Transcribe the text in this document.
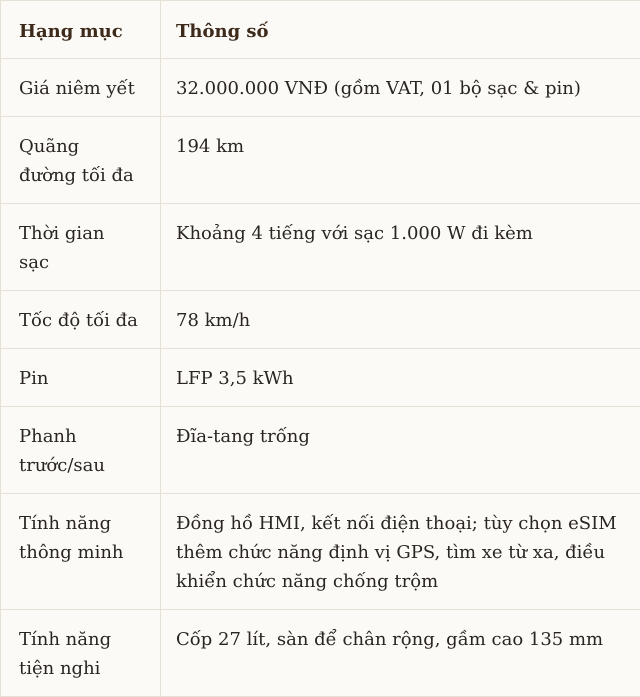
Hạng mục	Thông số
Giá niêm yết	32.000.000 VNĐ (gồm VAT, 01 bộ sạc & pin)
Quãng đường tối đa	194 km
Thời gian sạc	Khoảng 4 tiếng với sạc 1.000 W đi kèm
Tốc độ tối đa	78 km/h
Pin	LFP 3,5 kWh
Phanh trước/sau	Đĩa-tang trống
Tính năng thông minh	Đồng hồ HMI, kết nối điện thoại; tùy chọn eSIM thêm chức năng định vị GPS, tìm xe từ xa, điều khiển chức năng chống trộm
Tính năng tiện nghi	Cốp 27 lít, sàn để chân rộng, gầm cao 135 mm
